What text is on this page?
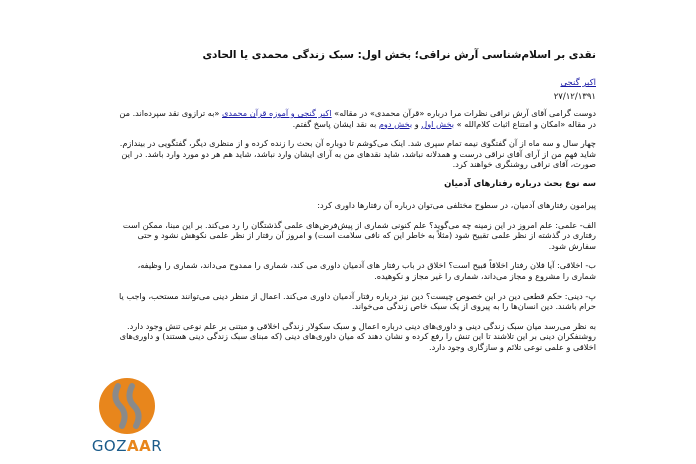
نقدی بر اسلام‌شناسی آرش نراقی؛ بخش اول: سبک زندگی محمدی یا الحادی
اکبر گنجی
۲۷/۱۲/۱۳۹۱

دوست گرامی آقای آرش نراقی نظرات مرا درباره «قرآن محمدی» در مقاله» اکبر گنجی و آموزه قرآن محمدی «به ترازوی نقد سپرده‌اند. من در مقاله «امکان و امتناع اثبات کلام‌الله » بخش اول و بخش دوم به نقد ایشان پاسخ گفتم.

چهار سال و سه ماه از آن گفتگوی نیمه تمام سپری شد. اینک می‌کوشم تا دوباره آن بحث را زنده کرده و از منظری دیگر، گفتگویی در بیندازم. شاید فهم من از آرای آقای نراقی درست و همدلانه نباشد، شاید نقدهای من به آرای ایشان وارد نباشد، شاید هم هر دو مورد وارد باشد. در این صورت، آقای نراقی روشنگری خواهند کرد.

سه نوع بحث درباره رفتارهای آدمیان

پیرامون رفتارهای آدمیان، در سطوح مختلفی می‌توان درباره آن رفتارها داوری کرد:

الف- علمی: علم امروز در این زمینه چه می‌گوید؟ علم کنونی شماری از پیش‌فرض‌های علمی گذشتگان را رد می‌کند. بر این مبنا، ممکن است رفتاری در گذشته از نظر علمی تقبیح شود (مثلاً به خاطر این که نافی سلامت است) و امروز آن رفتار از نظر علمی نکوهش نشود و حتی سفارش شود.

ب- اخلاقی: آیا فلان رفتار اخلاقاً قبیح است؟ اخلاق در باب رفتار های آدمیان داوری می کند، شماری را ممدوح می‌داند، شماری را وظیفه، شماری را مشروع و مجاز می‌داند، شماری را غیر مجاز و نکوهیده.

پ- دینی: حکم قطعی دین در این خصوص چیست؟ دین نیز درباره رفتار آدمیان داوری می‌کند. اعمال از منظر دینی می‌توانند مستحب، واجب یا حرام باشند. دین انسان‌ها را به پیروی از یک سبک خاص زندگی می‌خواند.

به نظر می‌رسد میان سبک زندگی دینی و داوری‌های دینی درباره اعمال و سبک سکولار زندگی اخلاقی و مبتنی بر علم نوعی تنش وجود دارد. روشنفکران دینی بر این تلاشند تا این تنش را رفع کرده و نشان دهند که میان داوری‌های دینی (که مبنای سبک زندگی دینی هستند) و داوری‌های اخلاقی و علمی نوعی تلائم و سازگاری وجود دارد.

GOZAAR
